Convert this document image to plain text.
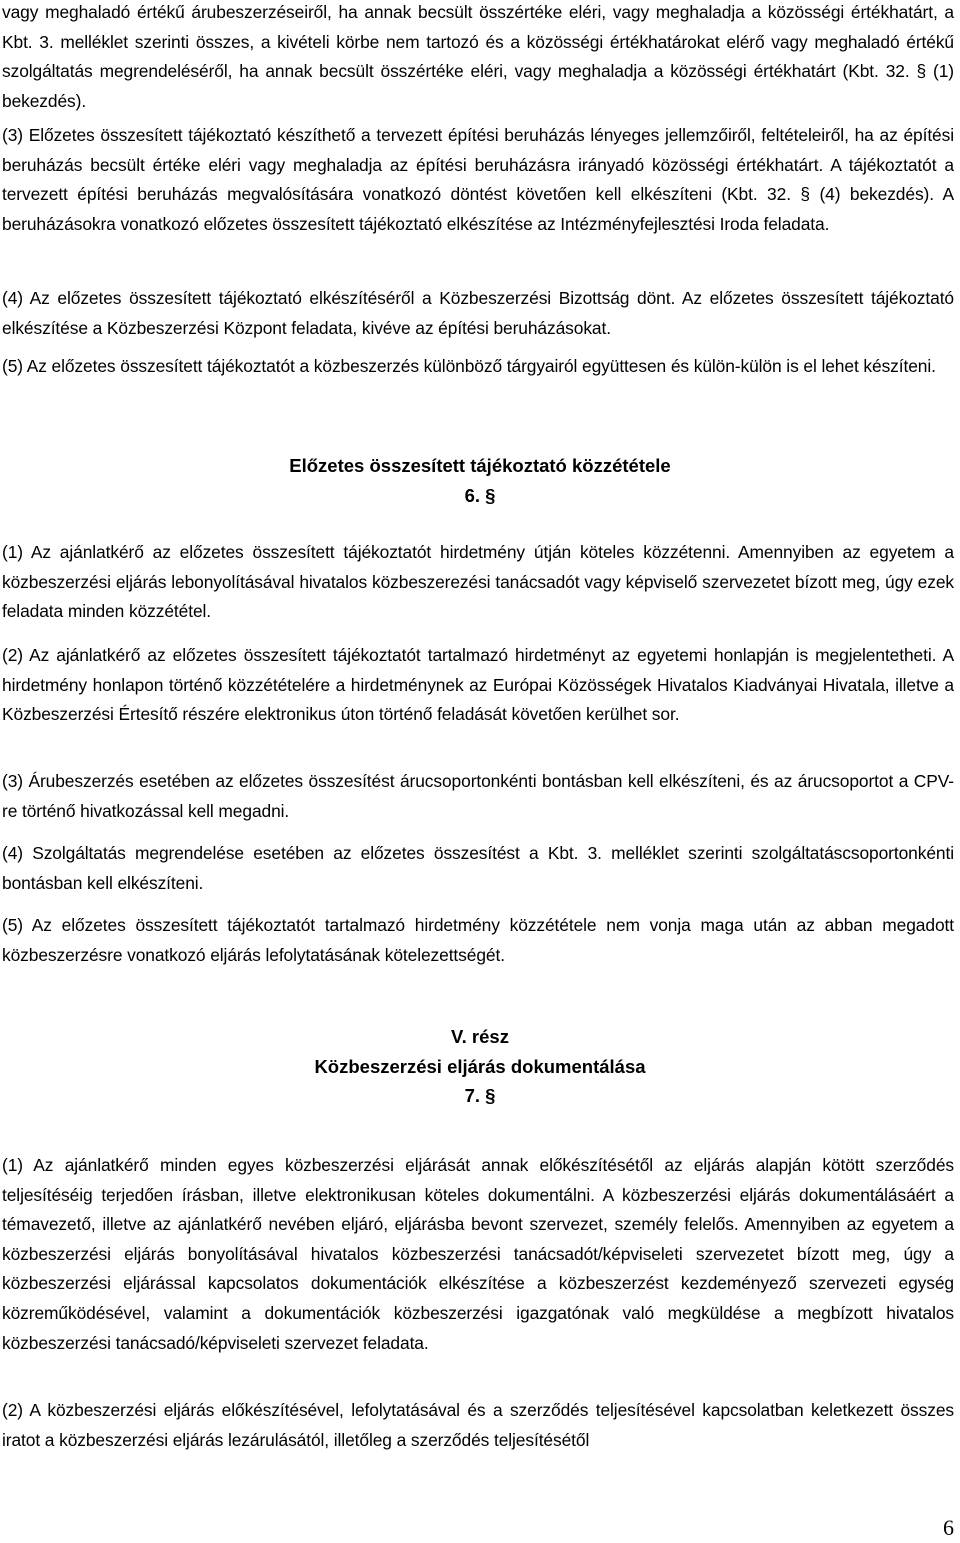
vagy meghaladó értékű árubeszerzéseiről, ha annak becsült összértéke eléri, vagy meghaladja a közösségi értékhatárt, a Kbt. 3. melléklet szerinti összes, a kivételi körbe nem tartozó és a közösségi értékhatárokat elérő vagy meghaladó értékű szolgáltatás megrendeléséről, ha annak becsült összértéke eléri, vagy meghaladja a közösségi értékhatárt (Kbt. 32. § (1) bekezdés).

(3) Előzetes összesített tájékoztató készíthető a tervezett építési beruházás lényeges jellemzőiről, feltételeiről, ha az építési beruházás becsült értéke eléri vagy meghaladja az építési beruházásra irányadó közösségi értékhatárt. A tájékoztatót a tervezett építési beruházás megvalósítására vonatkozó döntést követően kell elkészíteni (Kbt. 32. § (4) bekezdés). A beruházásokra vonatkozó előzetes összesített tájékoztató elkészítése az Intézményfejlesztési Iroda feladata.

(4) Az előzetes összesített tájékoztató elkészítéséről a Közbeszerzési Bizottság dönt. Az előzetes összesített tájékoztató elkészítése a Közbeszerzési Központ feladata, kivéve az építési beruházásokat.

(5) Az előzetes összesített tájékoztatót a közbeszerzés különböző tárgyairól együttesen és külön-külön is el lehet készíteni.

Előzetes összesített tájékoztató közzététele
6. §

(1) Az ajánlatkérő az előzetes összesített tájékoztatót hirdetmény útján köteles közzétenni. Amennyiben az egyetem a közbeszerzési eljárás lebonyolításával hivatalos közbeszerezési tanácsadót vagy képviselő szervezetet bízott meg, úgy ezek feladata minden közzététel.

(2) Az ajánlatkérő az előzetes összesített tájékoztatót tartalmazó hirdetményt az egyetemi honlapján is megjelentetheti. A hirdetmény honlapon történő közzétételére a hirdetménynek az Európai Közösségek Hivatalos Kiadványai Hivatala, illetve a Közbeszerzési Értesítő részére elektronikus úton történő feladását követően kerülhet sor.

(3) Árubeszerzés esetében az előzetes összesítést árucsoportonkénti bontásban kell elkészíteni, és az árucsoportot a CPV-re történő hivatkozással kell megadni.

(4) Szolgáltatás megrendelése esetében az előzetes összesítést a Kbt. 3. melléklet szerinti szolgáltatáscsoportonkénti bontásban kell elkészíteni.

(5) Az előzetes összesített tájékoztatót tartalmazó hirdetmény közzététele nem vonja maga után az abban megadott közbeszerzésre vonatkozó eljárás lefolytatásának kötelezettségét.

V. rész
Közbeszerzési eljárás dokumentálása
7. §

(1) Az ajánlatkérő minden egyes közbeszerzési eljárását annak előkészítésétől az eljárás alapján kötött szerződés teljesítéséig terjedően írásban, illetve elektronikusan köteles dokumentálni. A közbeszerzési eljárás dokumentálásáért a témavezető, illetve az ajánlatkérő nevében eljáró, eljárásba bevont szervezet, személy felelős. Amennyiben az egyetem a közbeszerzési eljárás bonyolításával hivatalos közbeszerzési tanácsadót/képviseleti szervezetet bízott meg, úgy a közbeszerzési eljárással kapcsolatos dokumentációk elkészítése a közbeszerzést kezdeményező szervezeti egység közreműködésével, valamint a dokumentációk közbeszerzési igazgatónak való megküldése a megbízott hivatalos közbeszerzési tanácsadó/képviseleti szervezet feladata.

(2) A közbeszerzési eljárás előkészítésével, lefolytatásával és a szerződés teljesítésével kapcsolatban keletkezett összes iratot a közbeszerzési eljárás lezárulásától, illetőleg a szerződés teljesítésétől

6
